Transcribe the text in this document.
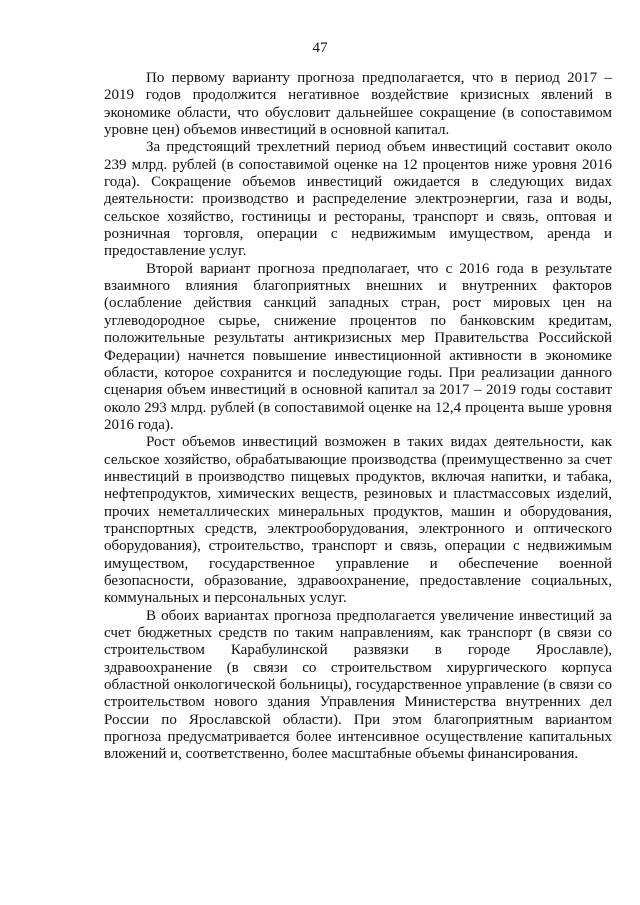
47

По первому варианту прогноза предполагается, что в период 2017 – 2019 годов продолжится негативное воздействие кризисных явлений в экономике области, что обусловит дальнейшее сокращение (в сопоставимом уровне цен) объемов инвестиций в основной капитал.

За предстоящий трехлетний период объем инвестиций составит около 239 млрд. рублей (в сопоставимой оценке на 12 процентов ниже уровня 2016 года). Сокращение объемов инвестиций ожидается в следующих видах деятельности: производство и распределение электроэнергии, газа и воды, сельское хозяйство, гостиницы и рестораны, транспорт и связь, оптовая и розничная торговля, операции с недвижимым имуществом, аренда и предоставление услуг.

Второй вариант прогноза предполагает, что с 2016 года в результате взаимного влияния благоприятных внешних и внутренних факторов (ослабление действия санкций западных стран, рост мировых цен на углеводородное сырье, снижение процентов по банковским кредитам, положительные результаты антикризисных мер Правительства Российской Федерации) начнется повышение инвестиционной активности в экономике области, которое сохранится и последующие годы. При реализации данного сценария объем инвестиций в основной капитал за 2017 – 2019 годы составит около 293 млрд. рублей (в сопоставимой оценке на 12,4 процента выше уровня 2016 года).

Рост объемов инвестиций возможен в таких видах деятельности, как сельское хозяйство, обрабатывающие производства (преимущественно за счет инвестиций в производство пищевых продуктов, включая напитки, и табака, нефтепродуктов, химических веществ, резиновых и пластмассовых изделий, прочих неметаллических минеральных продуктов, машин и оборудования, транспортных средств, электрооборудования, электронного и оптического оборудования), строительство, транспорт и связь, операции с недвижимым имуществом, государственное управление и обеспечение военной безопасности, образование, здравоохранение, предоставление социальных, коммунальных и персональных услуг.

В обоих вариантах прогноза предполагается увеличение инвестиций за счет бюджетных средств по таким направлениям, как транспорт (в связи со строительством Карабулинской развязки в городе Ярославле), здравоохранение (в связи со строительством хирургического корпуса областной онкологической больницы), государственное управление (в связи со строительством нового здания Управления Министерства внутренних дел России по Ярославской области). При этом благоприятным вариантом прогноза предусматривается более интенсивное осуществление капитальных вложений и, соответственно, более масштабные объемы финансирования.
